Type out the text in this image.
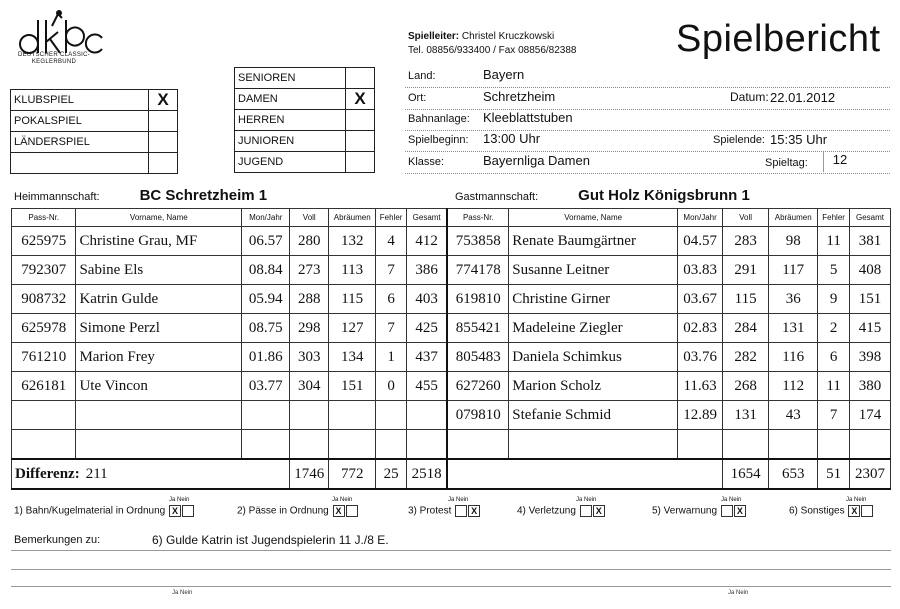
DEUTSCHER CLASSIC-
KEGLERBUND
Spielleiter: Christel Kruczkowski
Tel. 08856/933400 / Fax 08856/82388	Spielbericht
KLUBSPIEL	X
POKALSPIEL	
LÄNDERSPIEL	

SENIOREN	
DAMEN	X
HERREN	
JUNIOREN	
JUGEND	
Land:	Bayern
Ort:	Schretzheim	Datum: 22.01.2012
Bahnanlage: Kleeblattstuben
Spielbeginn: 13:00 Uhr	Spielende: 15:35 Uhr
Klasse:	Bayernliga Damen	Spieltag:	12
Heimmannschaft:	BC Schretzheim 1	Gastmannschaft:	Gut Holz Königsbrunn 1
Pass-Nr.	Vorname, Name	Mon/Jahr	Voll	Abräumen	Fehler	Gesamt	Pass-Nr.	Vorname, Name	Mon/Jahr	Voll	Abräumen	Fehler	Gesamt
625975	Christine Grau, MF	06.57	280	132	4	412	753858	Renate Baumgärtner	04.57	283	98	11	381
792307	Sabine Els	08.84	273	113	7	386	774178	Susanne Leitner	03.83	291	117	5	408
908732	Katrin Gulde	05.94	288	115	6	403	619810	Christine Girner	03.67	115	36	9	151
625978	Simone Perzl	08.75	298	127	7	425	855421	Madeleine Ziegler	02.83	284	131	2	415
761210	Marion Frey	01.86	303	134	1	437	805483	Daniela Schimkus	03.76	282	116	6	398
626181	Ute Vincon	03.77	304	151	0	455	627260	Marion Scholz	11.63	268	112	11	380
							079810	Stefanie Schmid	12.89	131	43	7	174

Differenz: 211			1746	772	25	2518				1654	653	51	2307
Ja Nein
1) Bahn/Kugelmaterial in Ordnung X
Ja Nein
2) Pässe in Ordnung X
Ja Nein
3) Protest X
Ja Nein
4) Verletzung X
Ja Nein
5) Verwarnung X
Ja Nein
6) Sonstiges X
Bemerkungen zu:	6) Gulde Katrin ist Jugendspielerin 11 J./8 E.
Ja Nein	Ja Nein
